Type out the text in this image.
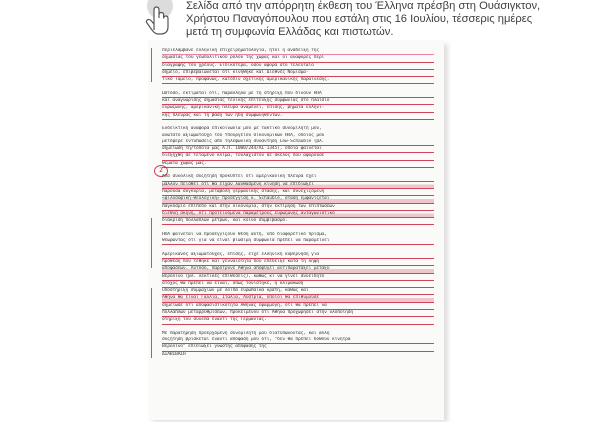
Σελίδα από την απόρρητη έκθεση του Έλληνα πρέσβη στη Ουάσιγκτον,
Χρήστου Παναγόπουλου που εστάλη στις 16 Ιουλίου, τέσσερις ημέρες
μετά τη συμφωνία Ελλάδας και πιστωτών.
2
περιελάμβανε ελληνική επιχειρηματολογία, ήτοι η ανάδειξη της
σημασίας του γεωπολιτικού ρόλου της χώρας και οι αναφορές περί
διαγραφής του χρέους. Ειδικότερα, οσον αφορά στο τελευταίο
σημείο, επιβεβαιώνεται ότι κινήθηκε και Διεθνές Νομισμα-
τικό Ταμείο, προφανώς, κατόπιν σχετικής αμερικανικής παραίνεσης.
Ωστόσο, εκτιμάται ότι, παράλληλα με τη στήριξη που δίνουν ΗΠΑ
και αναγνώρισης σημασίας τελικής επίτευξης συμφωνίας στο πλαίσιο
ευρωζώνης, αμερικανική πλευρά αναμένει, επίσης, βήματα ελληνι-
κής πλευράς και τη βάση των ήδη συμφωνηθέντων.
Ενδεικτική αναφορά επικοινωνία μου με τακτικό συνομιλητή μου,
ανώτατο αξιωματούχο του Υπουργείου Οικονομικών ΗΠΑ, οποίος μου
μετέφερε εντυπώσεις από τηλεφωνική συνάντηση Lew-Schauble (βλ.
σημείωσή τη/τοποία μας Α.Π. 1000/244/ΑΣ 1345), οποία φαίνεται
διεξήχθη σε τεταμένο κλίμα, τουλάχιστον σε σκέλος που αφορούσε
θέματα χώρας μας.
Από συνολική συζήτηση προκύπτει ότι αμερικανική πλευρά έχει
μάλλον πεισθεί ότι θα είχαν λανθασμένη κίνηση να επιδιώξει
παρούσα συγκυρία, μεταβολή γερμανικής στάσης, και συνεχιζόμενη
«φιλοσοφική-θεολογική» προσέγγιση κ. Schauble, στάση εμφανίζεται
παγκόσμιο επίπεδο και στην οικονομία, στην εκτίμηση των επιπτώσεων
διεθνή σκηνή, ότι προτεινόμενα παραμέτρους ευρωζώνης ανταγωνιστικό
διάκριση πολλαπλών μέτρων, και κοινό συμβιβασμό.
ΗΠΑ φαίνεται να προσεγγίζουν θέση αυτή, υπό διαφορετικό πρίσμα,
θεωρώντας ότι για να είναι βιώσιμη συμφωνία πρέπει να παραμείνει
Αμερικανός αξιωματούχος, επίσης, είχε ελληνική κυβέρνηση για
πρόθεση που τέθηκε και γενναιότητα που επέδειξε κατά τη λήψη
αποφάσεων. Αυτόσο, παρότρυνε Αθήνα αποφύγει αντιπαρατάξει μεταξύ
Βερολίνο (βλ. λεκτικές επιθέσεις), καθώς κι να γίνει συνειδητό
στόχος θα πρέπει να είναι, όπως τονίστηκε, η κλιμάκωση
υποστήριξη συμμαχιών με λοιπά ευρωπαϊκά κράτη, καθώς και
Αθήνα θα είναι Γαλλία, Ιταλία, Αυστρία, οποίοι θα επιθυμούσε
σημείωσε ότι αποφασιστικότητα Αθήνας εφαρμογή, ότι θα πρέπει να
πολλαπλών μεταρρυθμίσεων, προκειμένου ότι Αθήνα προχωρήσει στην υλοποίηση
στήριξη του συνεπά έναντι της Γερμανίας.
Με παρατήρηση προερχόμενη συνομιλητή μου διατυπώνοντας, και άλλη
συζήτηση βρίσκεται έναντι απόφαση μου ότι, "δεν θα πρέπει δοθούν κίνητρα
Βερολίνο" επιδιώξει γνωστής απόφασης της
ΔΙΑΒΙΒΑΣΗ
